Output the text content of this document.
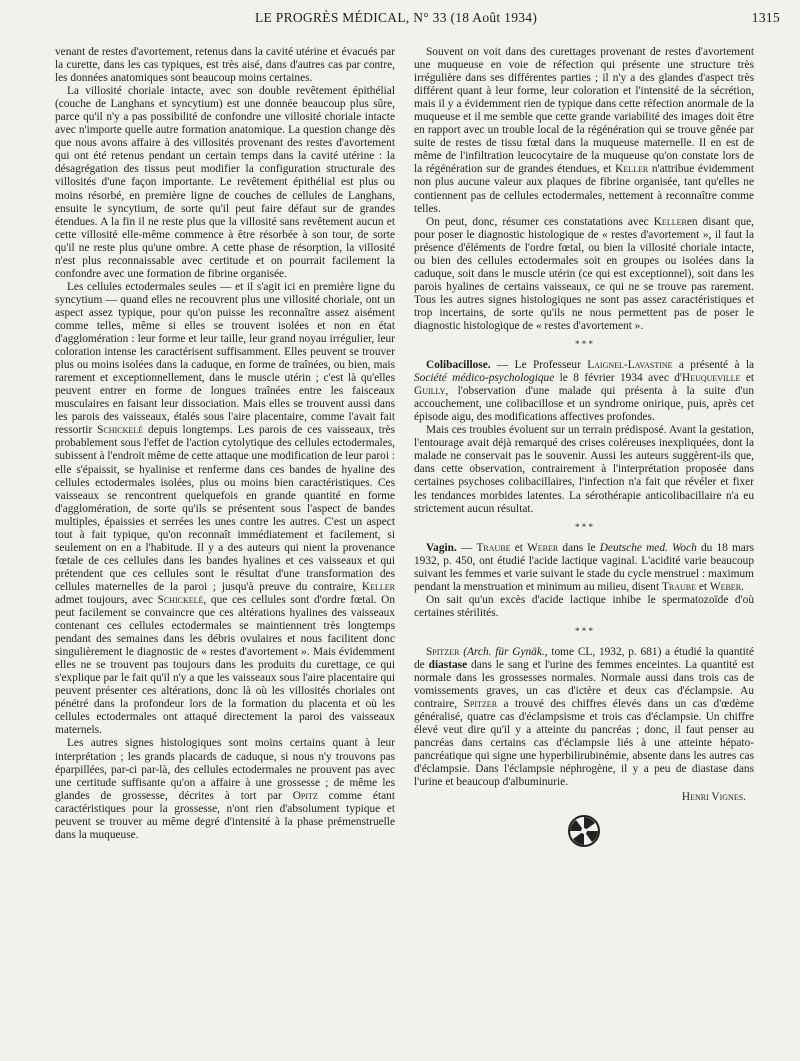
LE PROGRÈS MÉDICAL, N° 33 (18 Août 1934)	1315

venant de restes d'avortement, retenus dans la cavité utérine et évacués par la curette, dans les cas typiques, est très aisé, dans d'autres cas par contre, les données anatomiques sont beaucoup moins certaines.

La villosité choriale intacte, avec son double revêtement épithélial (couche de Langhans et syncytium) est une donnée beaucoup plus sûre, parce qu'il n'y a pas possibilité de confondre une villosité choriale intacte avec n'importe quelle autre formation anatomique. La question change dès que nous avons affaire à des villosités provenant des restes d'avortement qui ont été retenus pendant un certain temps dans la cavité utérine : la désagrégation des tissus peut modifier la configuration structurale des villosités d'une façon importante. Le revêtement épithélial est plus ou moins résorbé, en première ligne de couches de cellules de Langhans, ensuite le syncytium, de sorte qu'il peut faire défaut sur de grandes étendues. A la fin il ne reste plus que la villosité sans revêtement aucun et cette villosité elle-même commence à être résorbée à son tour, de sorte qu'il ne reste plus qu'une ombre. A cette phase de résorption, la villosité n'est plus reconnaissable avec certitude et on pourrait facilement la confondre avec une formation de fibrine organisée.

Les cellules ectodermales seules — et il s'agit ici en première ligne du syncytium — quand elles ne recouvrent plus une villosité choriale, ont un aspect assez typique, pour qu'on puisse les reconnaître assez aisément comme telles, même si elles se trouvent isolées et non en état d'agglomération : leur forme et leur taille, leur grand noyau irrégulier, leur coloration intense les caractérisent suffisamment. Elles peuvent se trouver plus ou moins isolées dans la caduque, en forme de traînées, ou bien, mais rarement et exceptionnellement, dans le muscle utérin ; c'est là qu'elles peuvent entrer en forme de longues traînées entre les faisceaux musculaires en faisant leur dissociation. Mais elles se trouvent aussi dans les parois des vaisseaux, étalés sous l'aire placentaire, comme l'avait fait ressortir Schickelé depuis longtemps. Les parois de ces vaisseaux, très probablement sous l'effet de l'action cytolytique des cellules ectodermales, subissent à l'endroit même de cette attaque une modification de leur paroi : elle s'épaissit, se hyalinise et renferme dans ces bandes de hyaline des cellules ectodermales isolées, plus ou moins bien caractéristiques. Ces vaisseaux se rencontrent quelquefois en grande quantité en forme d'agglomération, de sorte qu'ils se présentent sous l'aspect de bandes multiples, épaissies et serrées les unes contre les autres. C'est un aspect tout à fait typique, qu'on reconnaît immédiatement et facilement, si seulement on en a l'habitude. Il y a des auteurs qui nient la provenance fœtale de ces cellules dans les bandes hyalines et ces vaisseaux et qui prétendent que ces cellules sont le résultat d'une transformation des cellules maternelles de la paroi ; jusqu'à preuve du contraire, Keller admet toujours, avec Schickelé, que ces cellules sont d'ordre fœtal. On peut facilement se convaincre que ces altérations hyalines des vaisseaux contenant ces cellules ectodermales se maintiennent très longtemps pendant des semaines dans les débris ovulaires et nous facilitent donc singulièrement le diagnostic de « restes d'avortement ». Mais évidemment elles ne se trouvent pas toujours dans les produits du curettage, ce qui s'explique par le fait qu'il n'y a que les vaisseaux sous l'aire placentaire qui peuvent présenter ces altérations, donc là où les villosités choriales ont pénétré dans la profondeur lors de la formation du placenta et où les cellules ectodermales ont attaqué directement la paroi des vaisseaux maternels.

Les autres signes histologiques sont moins certains quant à leur interprétation ; les grands placards de caduque, si nous n'y trouvons pas éparpillées, par-ci par-là, des cellules ectodermales ne prouvent pas avec une certitude suffisante qu'on a affaire à une grossesse ; de même les glandes de grossesse, décrites à tort par Opitz comme étant caractéristiques pour la grossesse, n'ont rien d'absolument typique et peuvent se trouver au même degré d'intensité à la phase prémenstruelle dans la muqueuse.

Souvent on voit dans des curettages provenant de restes d'avortement une muqueuse en voie de réfection qui présente une structure très irrégulière dans ses différentes parties ; il n'y a des glandes d'aspect très différent quant à leur forme, leur coloration et l'intensité de la sécrétion, mais il y a évidemment rien de typique dans cette réfection anormale de la muqueuse et il me semble que cette grande variabilité des images doit être en rapport avec un trouble local de la régénération qui se trouve gênée par suite de restes de tissu fœtal dans la muqueuse maternelle. Il en est de même de l'infiltration leucocytaire de la muqueuse qu'on constate lors de la régénération sur de grandes étendues, et Keller n'attribue évidemment non plus aucune valeur aux plaques de fibrine organisée, tant qu'elles ne contiennent pas de cellules ectodermales, nettement à reconnaître comme telles.

On peut, donc, résumer ces constatations avec Kelleren disant que, pour poser le diagnostic histologique de « restes d'avortement », il faut la présence d'éléments de l'ordre fœtal, ou bien la villosité choriale intacte, ou bien des cellules ectodermales soit en groupes ou isolées dans la caduque, soit dans le muscle utérin (ce qui est exceptionnel), soit dans les parois hyalines de certains vaisseaux, ce qui ne se trouve pas rarement. Tous les autres signes histologiques ne sont pas assez caractéristiques et trop incertains, de sorte qu'ils ne nous permettent pas de poser le diagnostic histologique de « restes d'avortement ».

* * *

Colibacillose. — Le Professeur Laignel-Lavastine a présenté à la Société médico-psychologique le 8 février 1934 avec d'Heuqueville et Guilly, l'observation d'une malade qui présenta à la suite d'un accouchement, une colibacillose et un syndrome onirique, puis, après cet épisode aigu, des modifications affectives profondes.

Mais ces troubles évoluent sur un terrain prédisposé. Avant la gestation, l'entourage avait déjà remarqué des crises coléreuses inexpliquées, dont la malade ne conservait pas le souvenir. Aussi les auteurs suggèrent-ils que, dans cette observation, contrairement à l'interprétation proposée dans certaines psychoses colibacillaires, l'infection n'a fait que révéler et fixer les tendances morbides latentes. La sérothérapie anticolibacillaire n'a eu strictement aucun résultat.

* * *

Vagin. — Traube et Weber dans le Deutsche med. Woch du 18 mars 1932, p. 450, ont étudié l'acide lactique vaginal. L'acidité varie beaucoup suivant les femmes et varie suivant le stade du cycle menstruel : maximum pendant la menstruation et minimum au milieu, disent Traube et Weber.

On sait qu'un excès d'acide lactique inhibe le spermatozoïde d'où certaines stérilités.

* * *

Spitzer (Arch. für Gynäk., tome CL, 1932, p. 681) a étudié la quantité de diastase dans le sang et l'urine des femmes enceintes. La quantité est normale dans les grossesses normales. Normale aussi dans trois cas de vomissements graves, un cas d'ictère et deux cas d'éclampsie. Au contraire, Spitzer a trouvé des chiffres élevés dans un cas d'œdème généralisé, quatre cas d'éclampsisme et trois cas d'éclampsie. Un chiffre élevé veut dire qu'il y a atteinte du pancréas ; donc, il faut penser au pancréas dans certains cas d'éclampsie liés à une atteinte hépato-pancréatique qui signe une hyperbilirubinémie, absente dans les autres cas d'éclampsie. Dans l'éclampsie néphrogène, il y a peu de diastase dans l'urine et beaucoup d'albuminurie.

Henri Vignes.
